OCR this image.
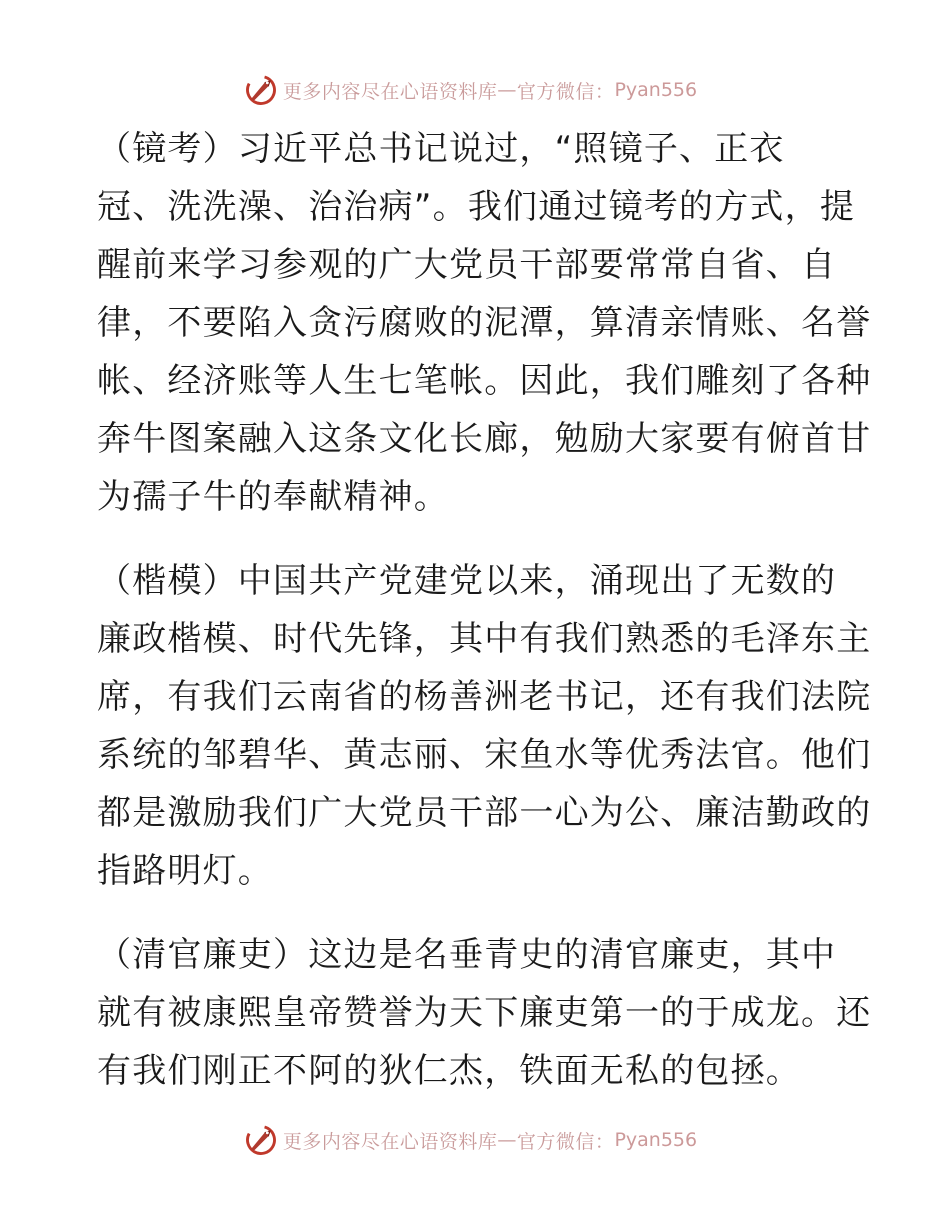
更多内容尽在心语资料库 — 官方微信： Pyan556

（镜考）习近平总书记说过，“照镜子、正衣
冠、洗洗澡、治治病”。我们通过镜考的方式，提
醒前来学习参观的广大党员干部要常常自省、自
律，不要陷入贪污腐败的泥潭，算清亲情账、名誉
帐、经济账等人生七笔帐。因此，我们雕刻了各种
奔牛图案融入这条文化长廊，勉励大家要有俯首甘
为孺子牛的奉献精神。

（楷模）中国共产党建党以来，涌现出了无数的
廉政楷模、时代先锋，其中有我们熟悉的毛泽东主
席，有我们云南省的杨善洲老书记，还有我们法院
系统的邹碧华、黄志丽、宋鱼水等优秀法官。他们
都是激励我们广大党员干部一心为公、廉洁勤政的
指路明灯。

（清官廉吏）这边是名垂青史的清官廉吏，其中
就有被康熙皇帝赞誉为天下廉吏第一的于成龙。还
有我们刚正不阿的狄仁杰，铁面无私的包拯。

更多内容尽在心语资料库 — 官方微信： Pyan556
